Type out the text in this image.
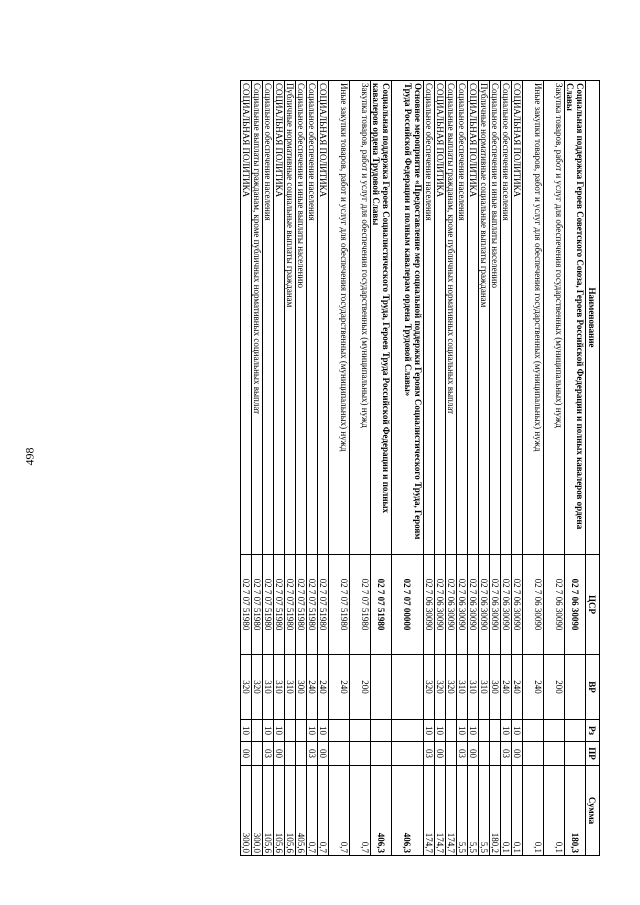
498
Наименование	ЦСР	ВР	Рз	ПР	Сумма
Социальная поддержка Героев Советского Союза, Героев Российской Федерации и полных кавалеров ордена Славы	02 7 06 30090				180,3
Закупка товаров, работ и услуг для обеспечения государственных (муниципальных) нужд	02 7 06 30090	200			0,1
Иные закупки товаров, работ и услуг для обеспечения государственных (муниципальных) нужд	02 7 06 30090	240			0,1
СОЦИАЛЬНАЯ ПОЛИТИКА	02 7 06 30090	240	10	00	0,1
Социальное обеспечение населения	02 7 06 30090	240	10	03	0,1
Социальное обеспечение и иные выплаты населению	02 7 06 30090	300			180,2
Публичные нормативные социальные выплаты гражданам	02 7 06 30090	310			5,5
СОЦИАЛЬНАЯ ПОЛИТИКА	02 7 06 30090	310	10	00	5,5
Социальное обеспечение населения	02 7 06 30090	310	10	03	5,5
Социальные выплаты гражданам, кроме публичных нормативных социальных выплат	02 7 06 30090	320			174,7
СОЦИАЛЬНАЯ ПОЛИТИКА	02 7 06 30090	320	10	00	174,7
Социальное обеспечение населения	02 7 06 30090	320	10	03	174,7
Основное мероприятие «Предоставление мер социальной поддержки Героям Социалистического Труда, Героям Труда Российской Федерации и полным кавалерам ордена Трудовой Славы»	02 7 07 00000				406,3
Социальная поддержка Героев Социалистического Труда, Героев Труда Российской Федерации и полных кавалеров ордена Трудовой Славы	02 7 07 51980				406,3
Закупка товаров, работ и услуг для обеспечения государственных (муниципальных) нужд	02 7 07 51980	200			0,7
Иные закупки товаров, работ и услуг для обеспечения государственных (муниципальных) нужд	02 7 07 51980	240			0,7
СОЦИАЛЬНАЯ ПОЛИТИКА	02 7 07 51980	240	10	00	0,7
Социальное обеспечение населения	02 7 07 51980	240	10	03	0,7
Социальное обеспечение и иные выплаты населению	02 7 07 51980	300			405,6
Публичные нормативные социальные выплаты гражданам	02 7 07 51980	310			105,6
СОЦИАЛЬНАЯ ПОЛИТИКА	02 7 07 51980	310	10	00	105,6
Социальное обеспечение населения	02 7 07 51980	310	10	03	105,6
Социальные выплаты гражданам, кроме публичных нормативных социальных выплат	02 7 07 51980	320			300,0
СОЦИАЛЬНАЯ ПОЛИТИКА	02 7 07 51980	320	10	00	300,0
